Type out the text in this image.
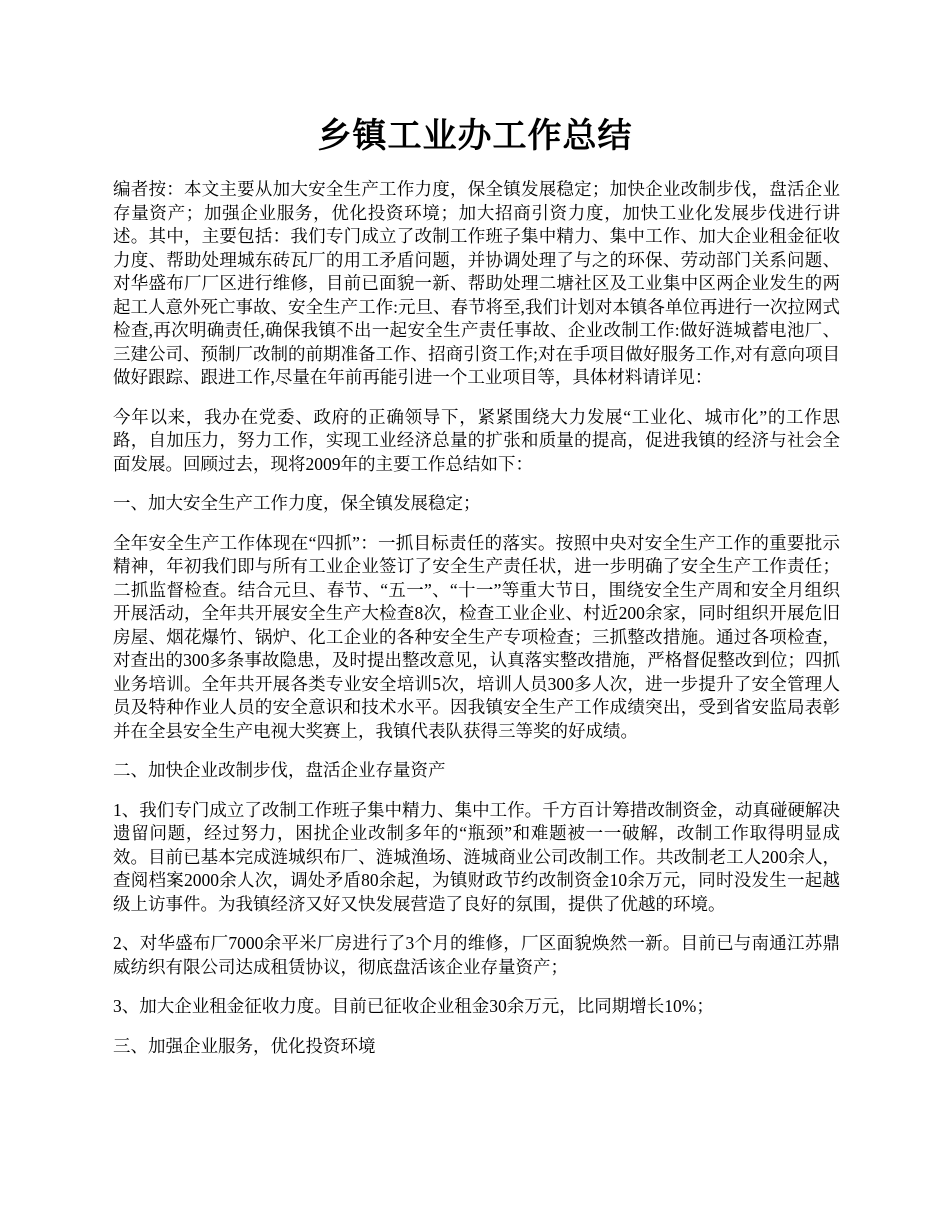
乡镇工业办工作总结

编者按：本文主要从加大安全生产工作力度，保全镇发展稳定；加快企业改制步伐，盘活企业存量资产；加强企业服务，优化投资环境；加大招商引资力度，加快工业化发展步伐进行讲述。其中，主要包括：我们专门成立了改制工作班子集中精力、集中工作、加大企业租金征收力度、帮助处理城东砖瓦厂的用工矛盾问题，并协调处理了与之的环保、劳动部门关系问题、对华盛布厂厂区进行维修，目前已面貌一新、帮助处理二塘社区及工业集中区两企业发生的两起工人意外死亡事故、安全生产工作:元旦、春节将至,我们计划对本镇各单位再进行一次拉网式检查,再次明确责任,确保我镇不出一起安全生产责任事故、企业改制工作:做好涟城蓄电池厂、三建公司、预制厂改制的前期准备工作、招商引资工作;对在手项目做好服务工作,对有意向项目做好跟踪、跟进工作,尽量在年前再能引进一个工业项目等，具体材料请详见：

今年以来，我办在党委、政府的正确领导下，紧紧围绕大力发展“工业化、城市化”的工作思路，自加压力，努力工作，实现工业经济总量的扩张和质量的提高，促进我镇的经济与社会全面发展。回顾过去，现将2009年的主要工作总结如下：

一、加大安全生产工作力度，保全镇发展稳定；

全年安全生产工作体现在“四抓”：一抓目标责任的落实。按照中央对安全生产工作的重要批示精神，年初我们即与所有工业企业签订了安全生产责任状，进一步明确了安全生产工作责任；二抓监督检查。结合元旦、春节、“五一”、“十一”等重大节日，围绕安全生产周和安全月组织开展活动，全年共开展安全生产大检查8次，检查工业企业、村近200余家，同时组织开展危旧房屋、烟花爆竹、锅炉、化工企业的各种安全生产专项检查；三抓整改措施。通过各项检查，对查出的300多条事故隐患，及时提出整改意见，认真落实整改措施，严格督促整改到位；四抓业务培训。全年共开展各类专业安全培训5次，培训人员300多人次，进一步提升了安全管理人员及特种作业人员的安全意识和技术水平。因我镇安全生产工作成绩突出，受到省安监局表彰并在全县安全生产电视大奖赛上，我镇代表队获得三等奖的好成绩。

二、加快企业改制步伐，盘活企业存量资产

1、我们专门成立了改制工作班子集中精力、集中工作。千方百计筹措改制资金，动真碰硬解决遗留问题，经过努力，困扰企业改制多年的“瓶颈”和难题被一一破解，改制工作取得明显成效。目前已基本完成涟城织布厂、涟城渔场、涟城商业公司改制工作。共改制老工人200余人，查阅档案2000余人次，调处矛盾80余起，为镇财政节约改制资金10余万元，同时没发生一起越级上访事件。为我镇经济又好又快发展营造了良好的氛围，提供了优越的环境。

2、对华盛布厂7000余平米厂房进行了3个月的维修，厂区面貌焕然一新。目前已与南通江苏鼎威纺织有限公司达成租赁协议，彻底盘活该企业存量资产；

3、加大企业租金征收力度。目前已征收企业租金30余万元，比同期增长10%；

三、加强企业服务，优化投资环境
